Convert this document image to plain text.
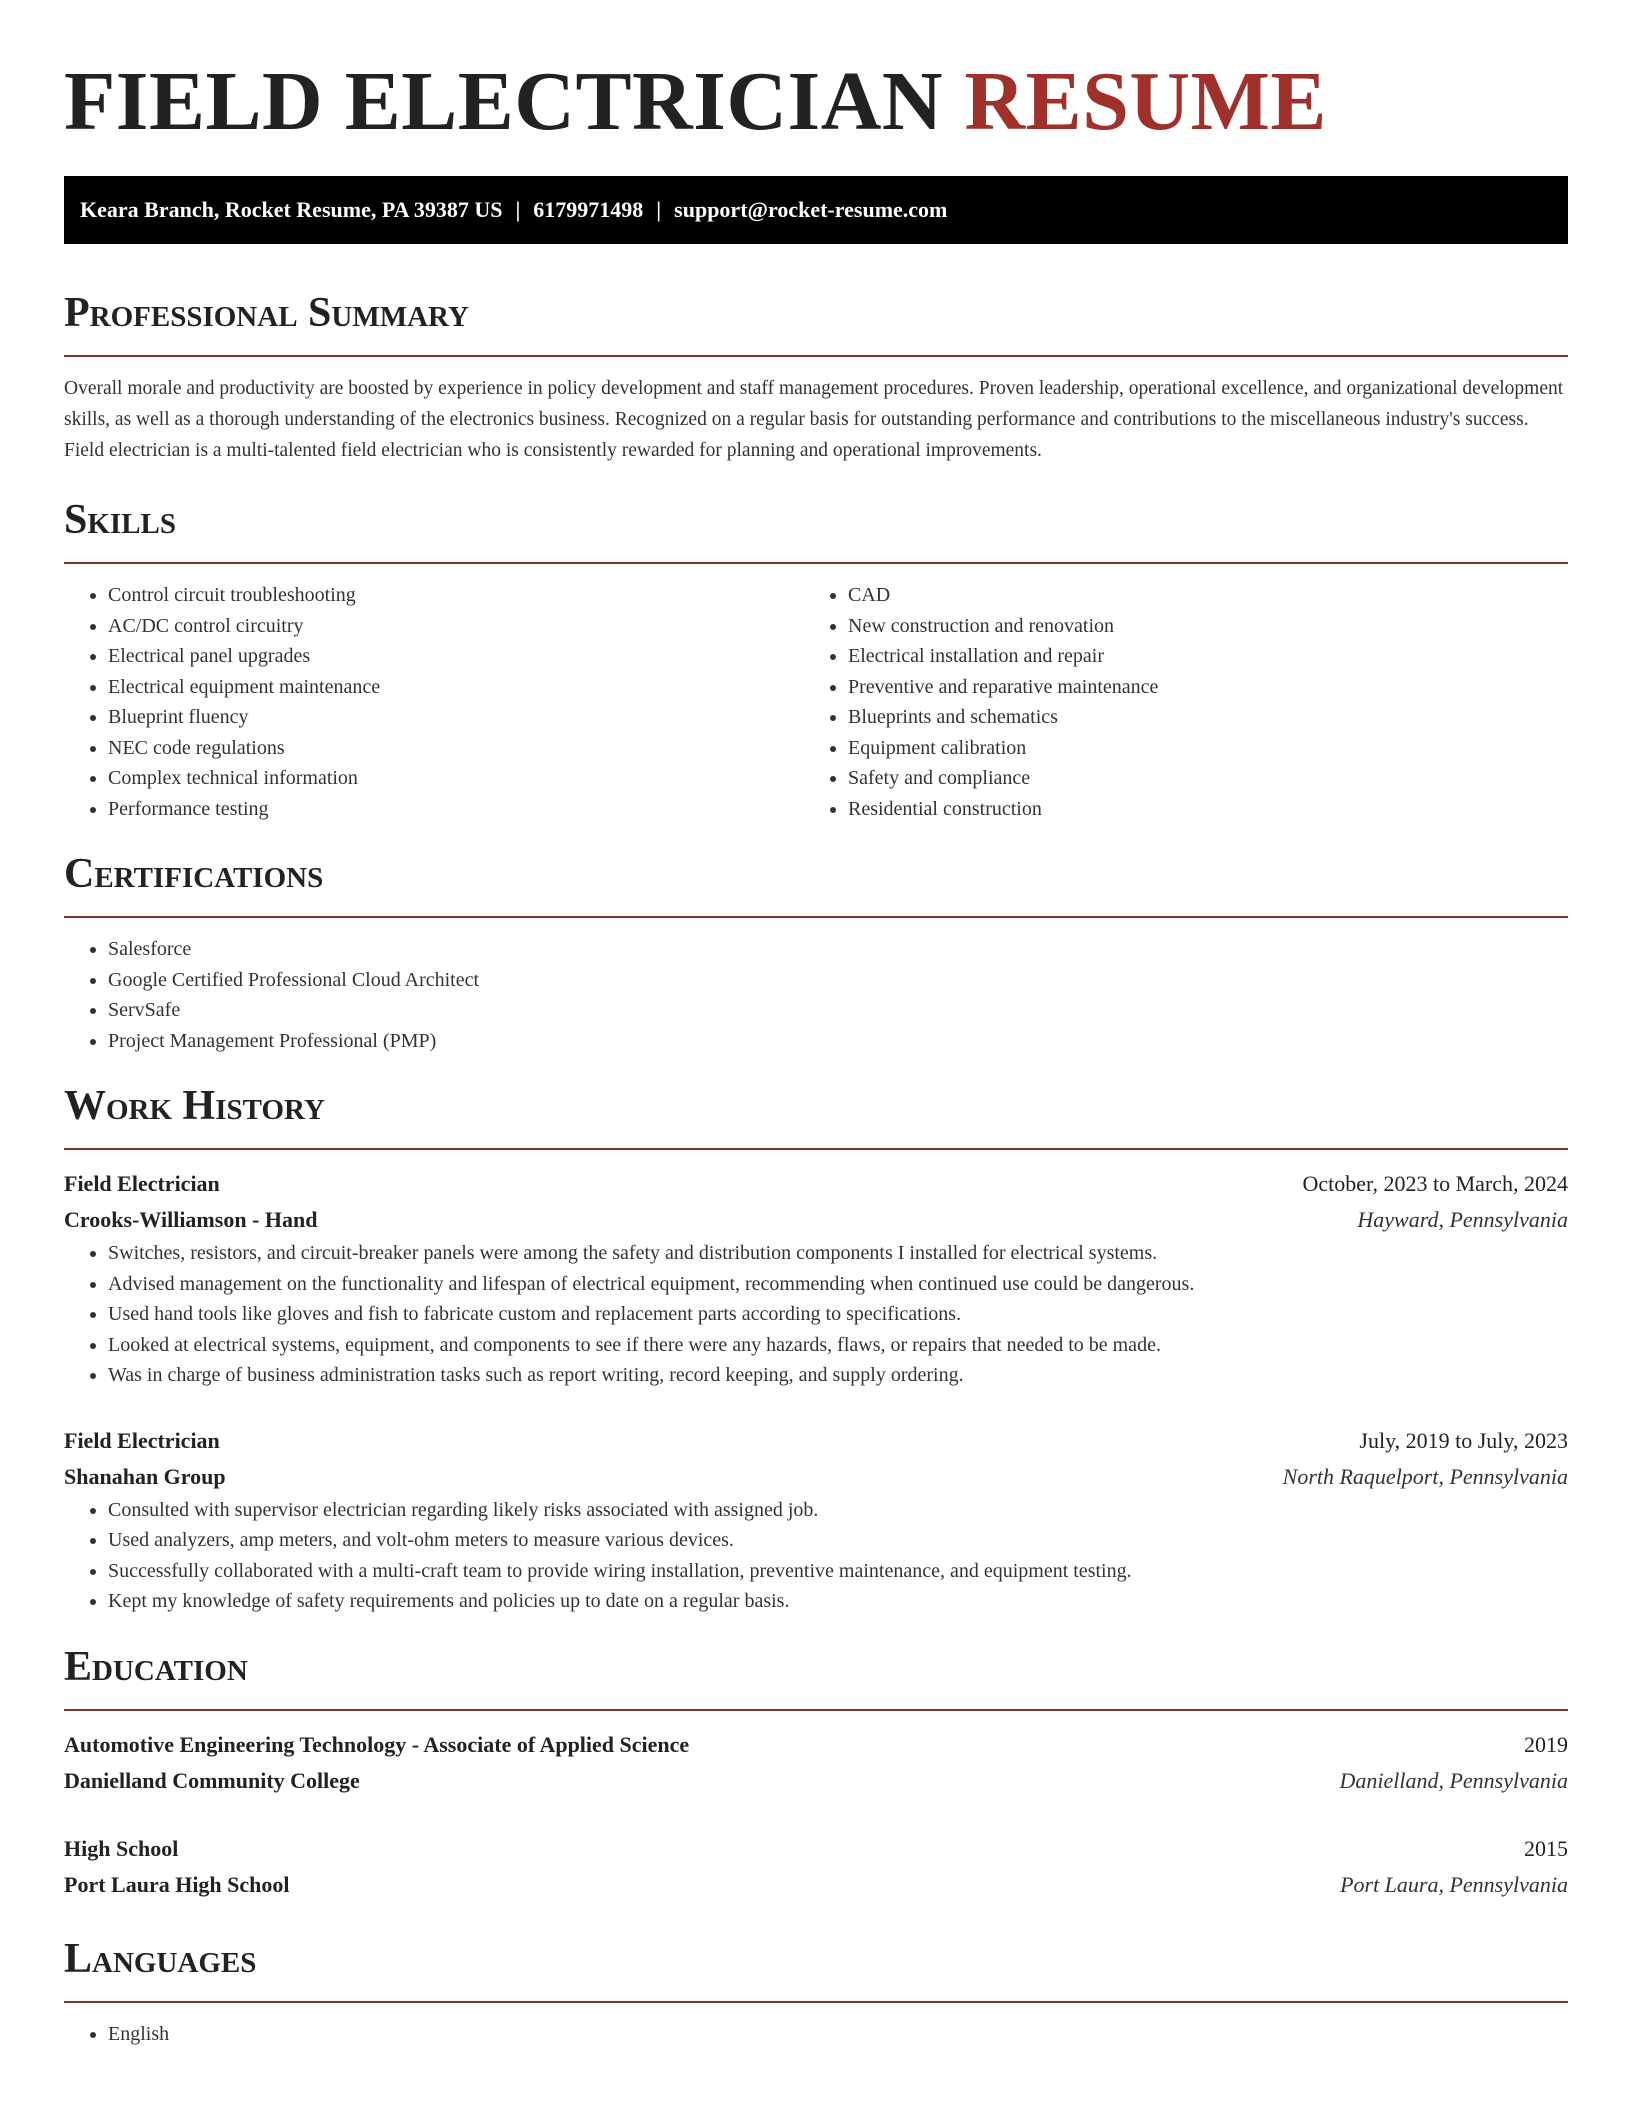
FIELD ELECTRICIAN RESUME
Keara Branch, Rocket Resume, PA 39387 US | 6179971498 | support@rocket-resume.com
Professional Summary

Overall morale and productivity are boosted by experience in policy development and staff management procedures. Proven leadership, operational excellence, and organizational development skills, as well as a thorough understanding of the electronics business. Recognized on a regular basis for outstanding performance and contributions to the miscellaneous industry's success. Field electrician is a multi-talented field electrician who is consistently rewarded for planning and operational improvements.

Skills
• Control circuit troubleshooting
• AC/DC control circuitry
• Electrical panel upgrades
• Electrical equipment maintenance
• Blueprint fluency
• NEC code regulations
• Complex technical information
• Performance testing
• CAD
• New construction and renovation
• Electrical installation and repair
• Preventive and reparative maintenance
• Blueprints and schematics
• Equipment calibration
• Safety and compliance
• Residential construction
Certifications
• Salesforce
• Google Certified Professional Cloud Architect
• ServSafe
• Project Management Professional (PMP)
Work History
Field Electrician	October, 2023 to March, 2024
Crooks-Williamson - Hand	Hayward, Pennsylvania
• Switches, resistors, and circuit-breaker panels were among the safety and distribution components I installed for electrical systems.
• Advised management on the functionality and lifespan of electrical equipment, recommending when continued use could be dangerous.
• Used hand tools like gloves and fish to fabricate custom and replacement parts according to specifications.
• Looked at electrical systems, equipment, and components to see if there were any hazards, flaws, or repairs that needed to be made.
• Was in charge of business administration tasks such as report writing, record keeping, and supply ordering.
Field Electrician	July, 2019 to July, 2023
Shanahan Group	North Raquelport, Pennsylvania
• Consulted with supervisor electrician regarding likely risks associated with assigned job.
• Used analyzers, amp meters, and volt-ohm meters to measure various devices.
• Successfully collaborated with a multi-craft team to provide wiring installation, preventive maintenance, and equipment testing.
• Kept my knowledge of safety requirements and policies up to date on a regular basis.
Education
Automotive Engineering Technology - Associate of Applied Science	2019
Danielland Community College	Danielland, Pennsylvania
High School	2015
Port Laura High School	Port Laura, Pennsylvania
Languages
• English
